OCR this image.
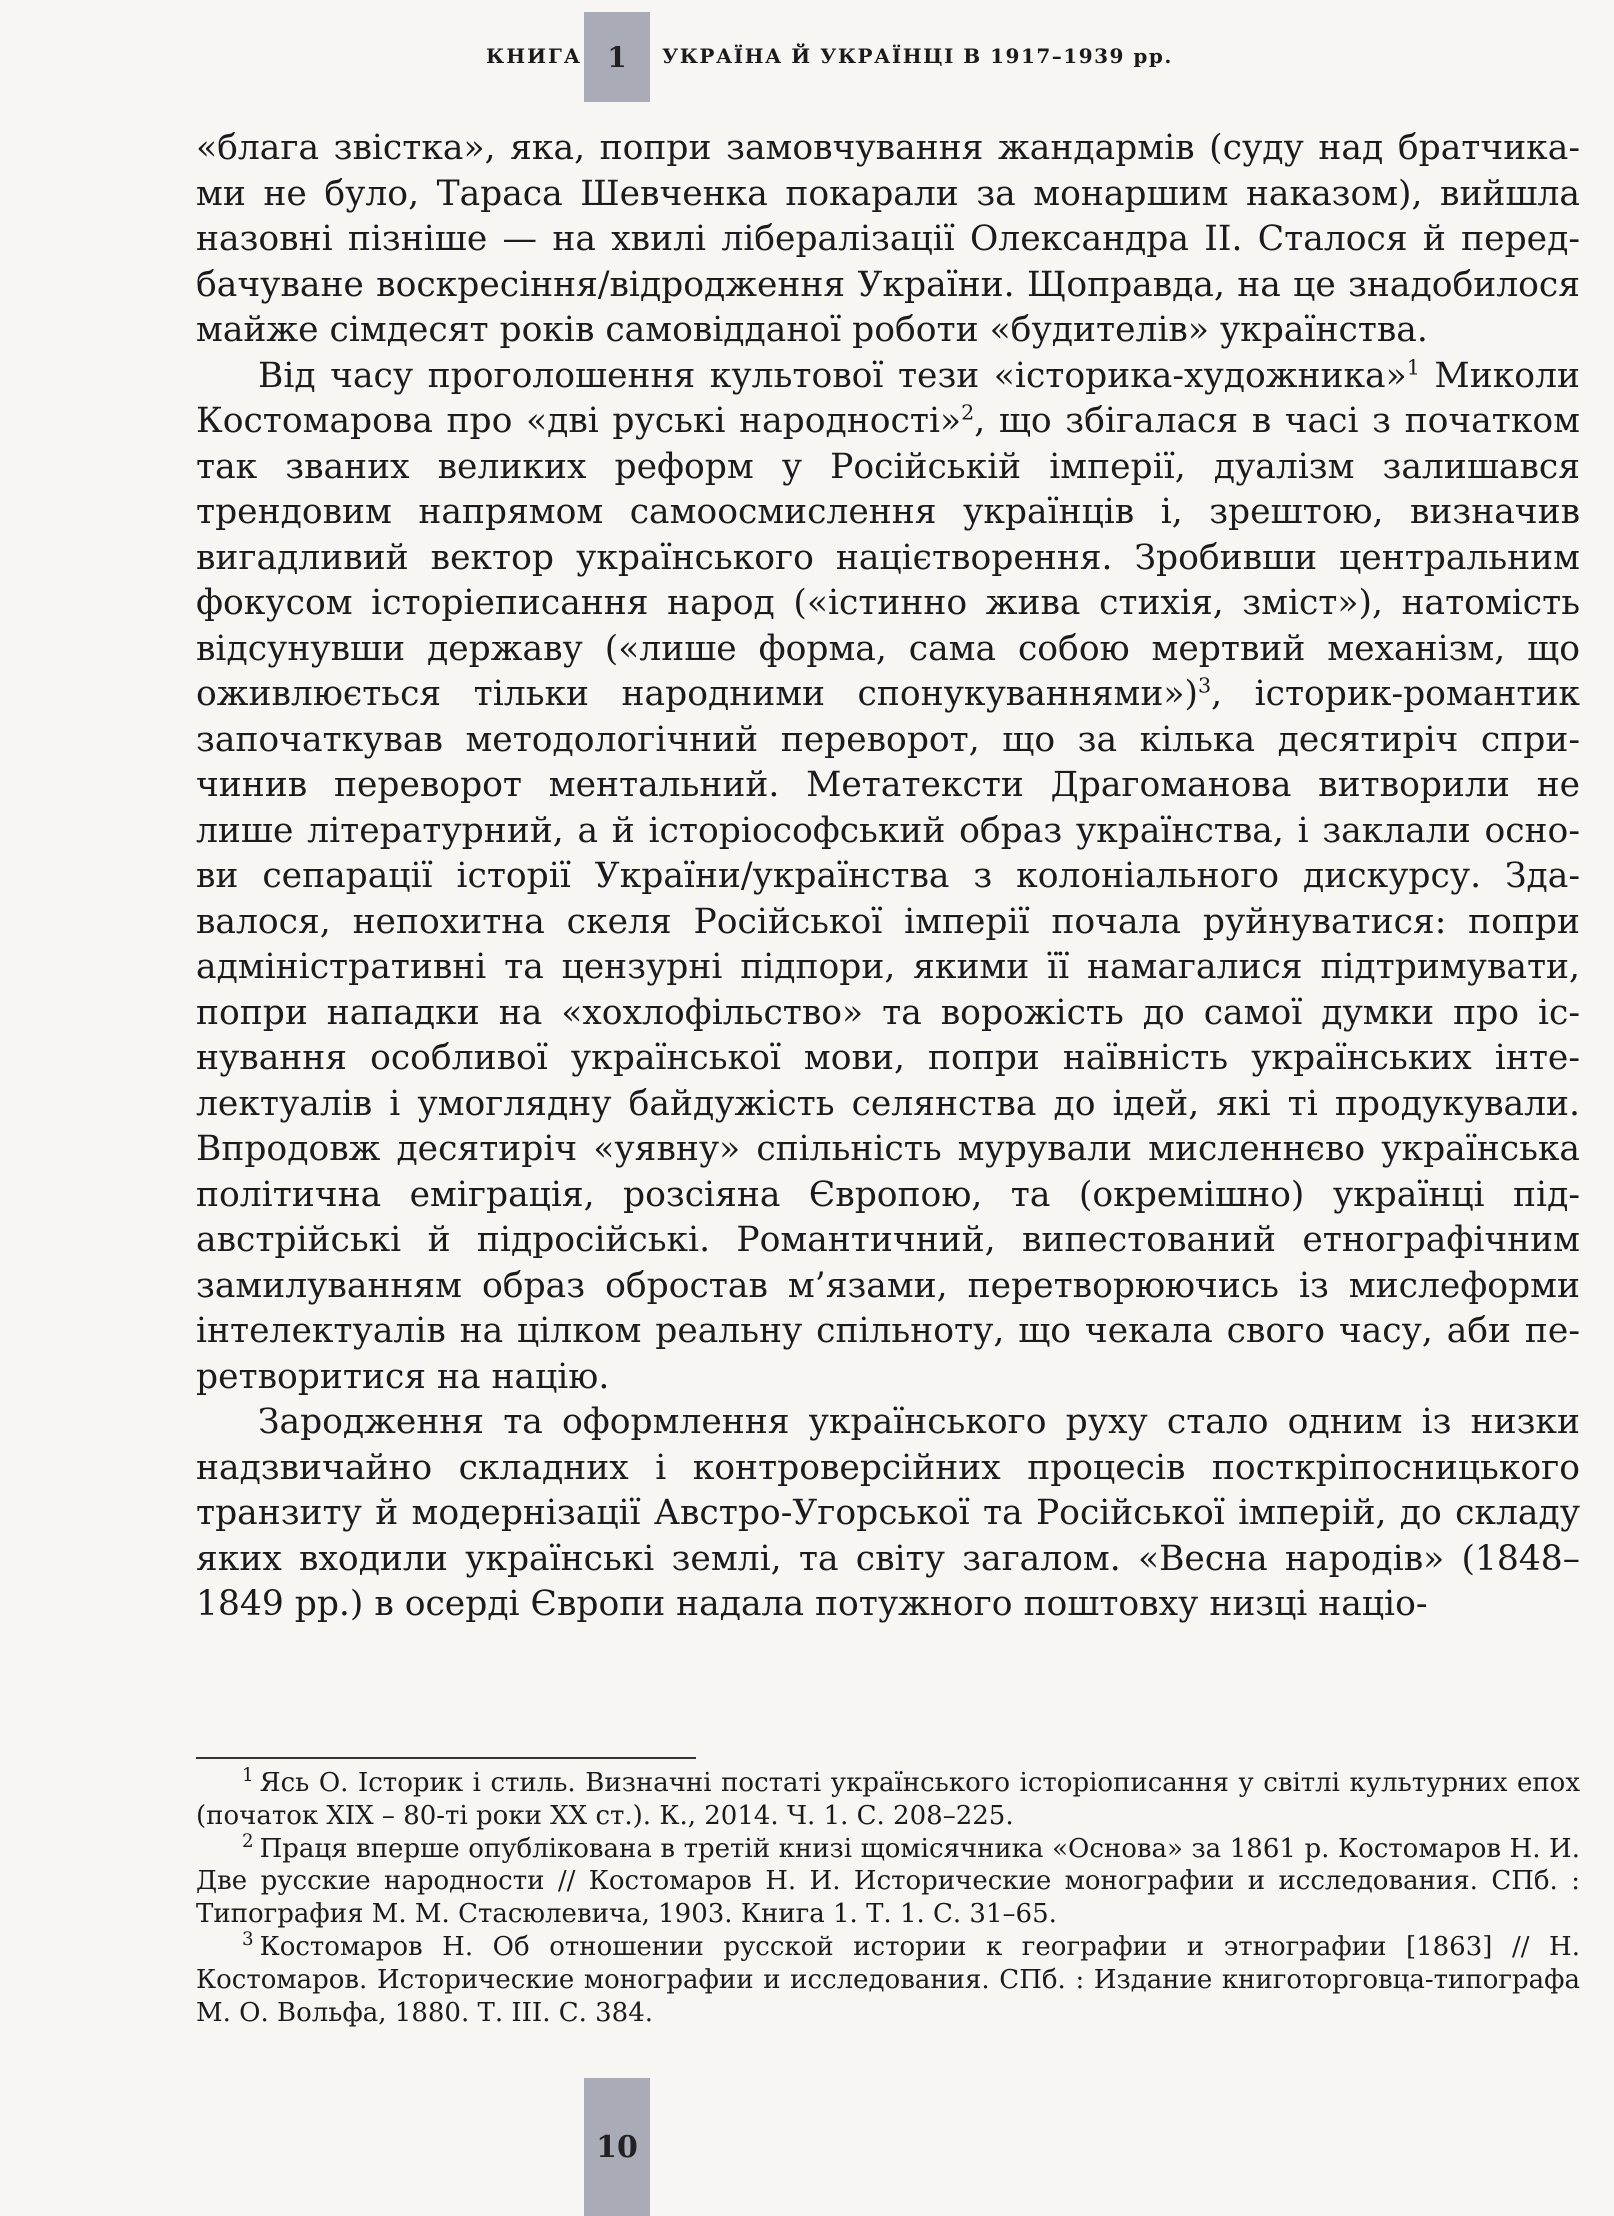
КНИГА 1 УКРАЇНА Й УКРАЇНЦІ В 1917–1939 рр.

«блага звістка», яка, попри замовчування жандармів (суду над братчиками не було, Тараса Шевченка покарали за монаршим наказом), вийшла назовні пізніше — на хвилі лібералізації Олександра II. Сталося й передбачуване воскресіння/відродження України. Щоправда, на це знадобилося майже сімдесят років самовідданої роботи «будителів» українства.

Від часу проголошення культової тези «історика-художника»$^1$ Миколи Костомарова про «дві руські народності»$^2$, що збігалася в часі з початком так званих великих реформ у Російській імперії, дуалізм залишався трендовим напрямом самоосмислення українців і, зрештою, визначив вигадливий вектор українського націєтворення. Зробивши центральним фокусом історіеписання народ («істинно жива стихія, зміст»), натомість відсунувши державу («лише форма, сама собою мертвий механізм, що оживлюється тільки народними спонукуваннями»)$^3$, історик-романтик започаткував методологічний переворот, що за кілька десятиріч спричинив переворот ментальний. Метатексти Драгоманова витворили не лише літературний, а й історіософський образ українства, і заклали основи сепарації історії України/українства з колоніального дискурсу. Здавалося, непохитна скеля Російської імперії почала руйнуватися: попри адміністративні та цензурні підпори, якими її намагалися підтримувати, попри нападки на «хохлофільство» та ворожість до самої думки про існування особливої української мови, попри наївність українських інтелектуалів і умоглядну байдужість селянства до ідей, які ті продукували. Впродовж десятиріч «уявну» спільність мурували мисленнєво українська політична еміграція, розсіяна Європою, та (окремішно) українці підавстрійські й підросійські. Романтичний, випестований етнографічним замилуванням образ обростав м’язами, перетворюючись із мислеформи інтелектуалів на цілком реальну спільноту, що чекала свого часу, аби перетворитися на націю.

Зародження та оформлення українського руху стало одним із низки надзвичайно складних і контроверсійних процесів посткріпосницького транзиту й модернізації Австро-Угорської та Російської імперій, до складу яких входили українські землі, та світу загалом. «Весна народів» (1848–1849 рр.) в осерді Європи надала потужного поштовху низці націо-

$^1$ Ясь О. Історик і стиль. Визначні постаті українського історіописання у світлі культурних епох (початок XIX – 80-ті роки XX ст.). К., 2014. Ч. 1. С. 208–225.

$^2$ Праця вперше опублікована в третій книзі щомісячника «Основа» за 1861 р. Костомаров Н. И. Две русские народности // Костомаров Н. И. Исторические монографии и исследования. СПб. : Типография М. М. Стасюлевича, 1903. Книга 1. Т. 1. С. 31–65.

$^3$ Костомаров Н. Об отношении русской истории к географии и этнографии [1863] // Н. Костомаров. Исторические монографии и исследования. СПб. : Издание книготорговца-типографа М. О. Вольфа, 1880. Т. III. С. 384.

10
